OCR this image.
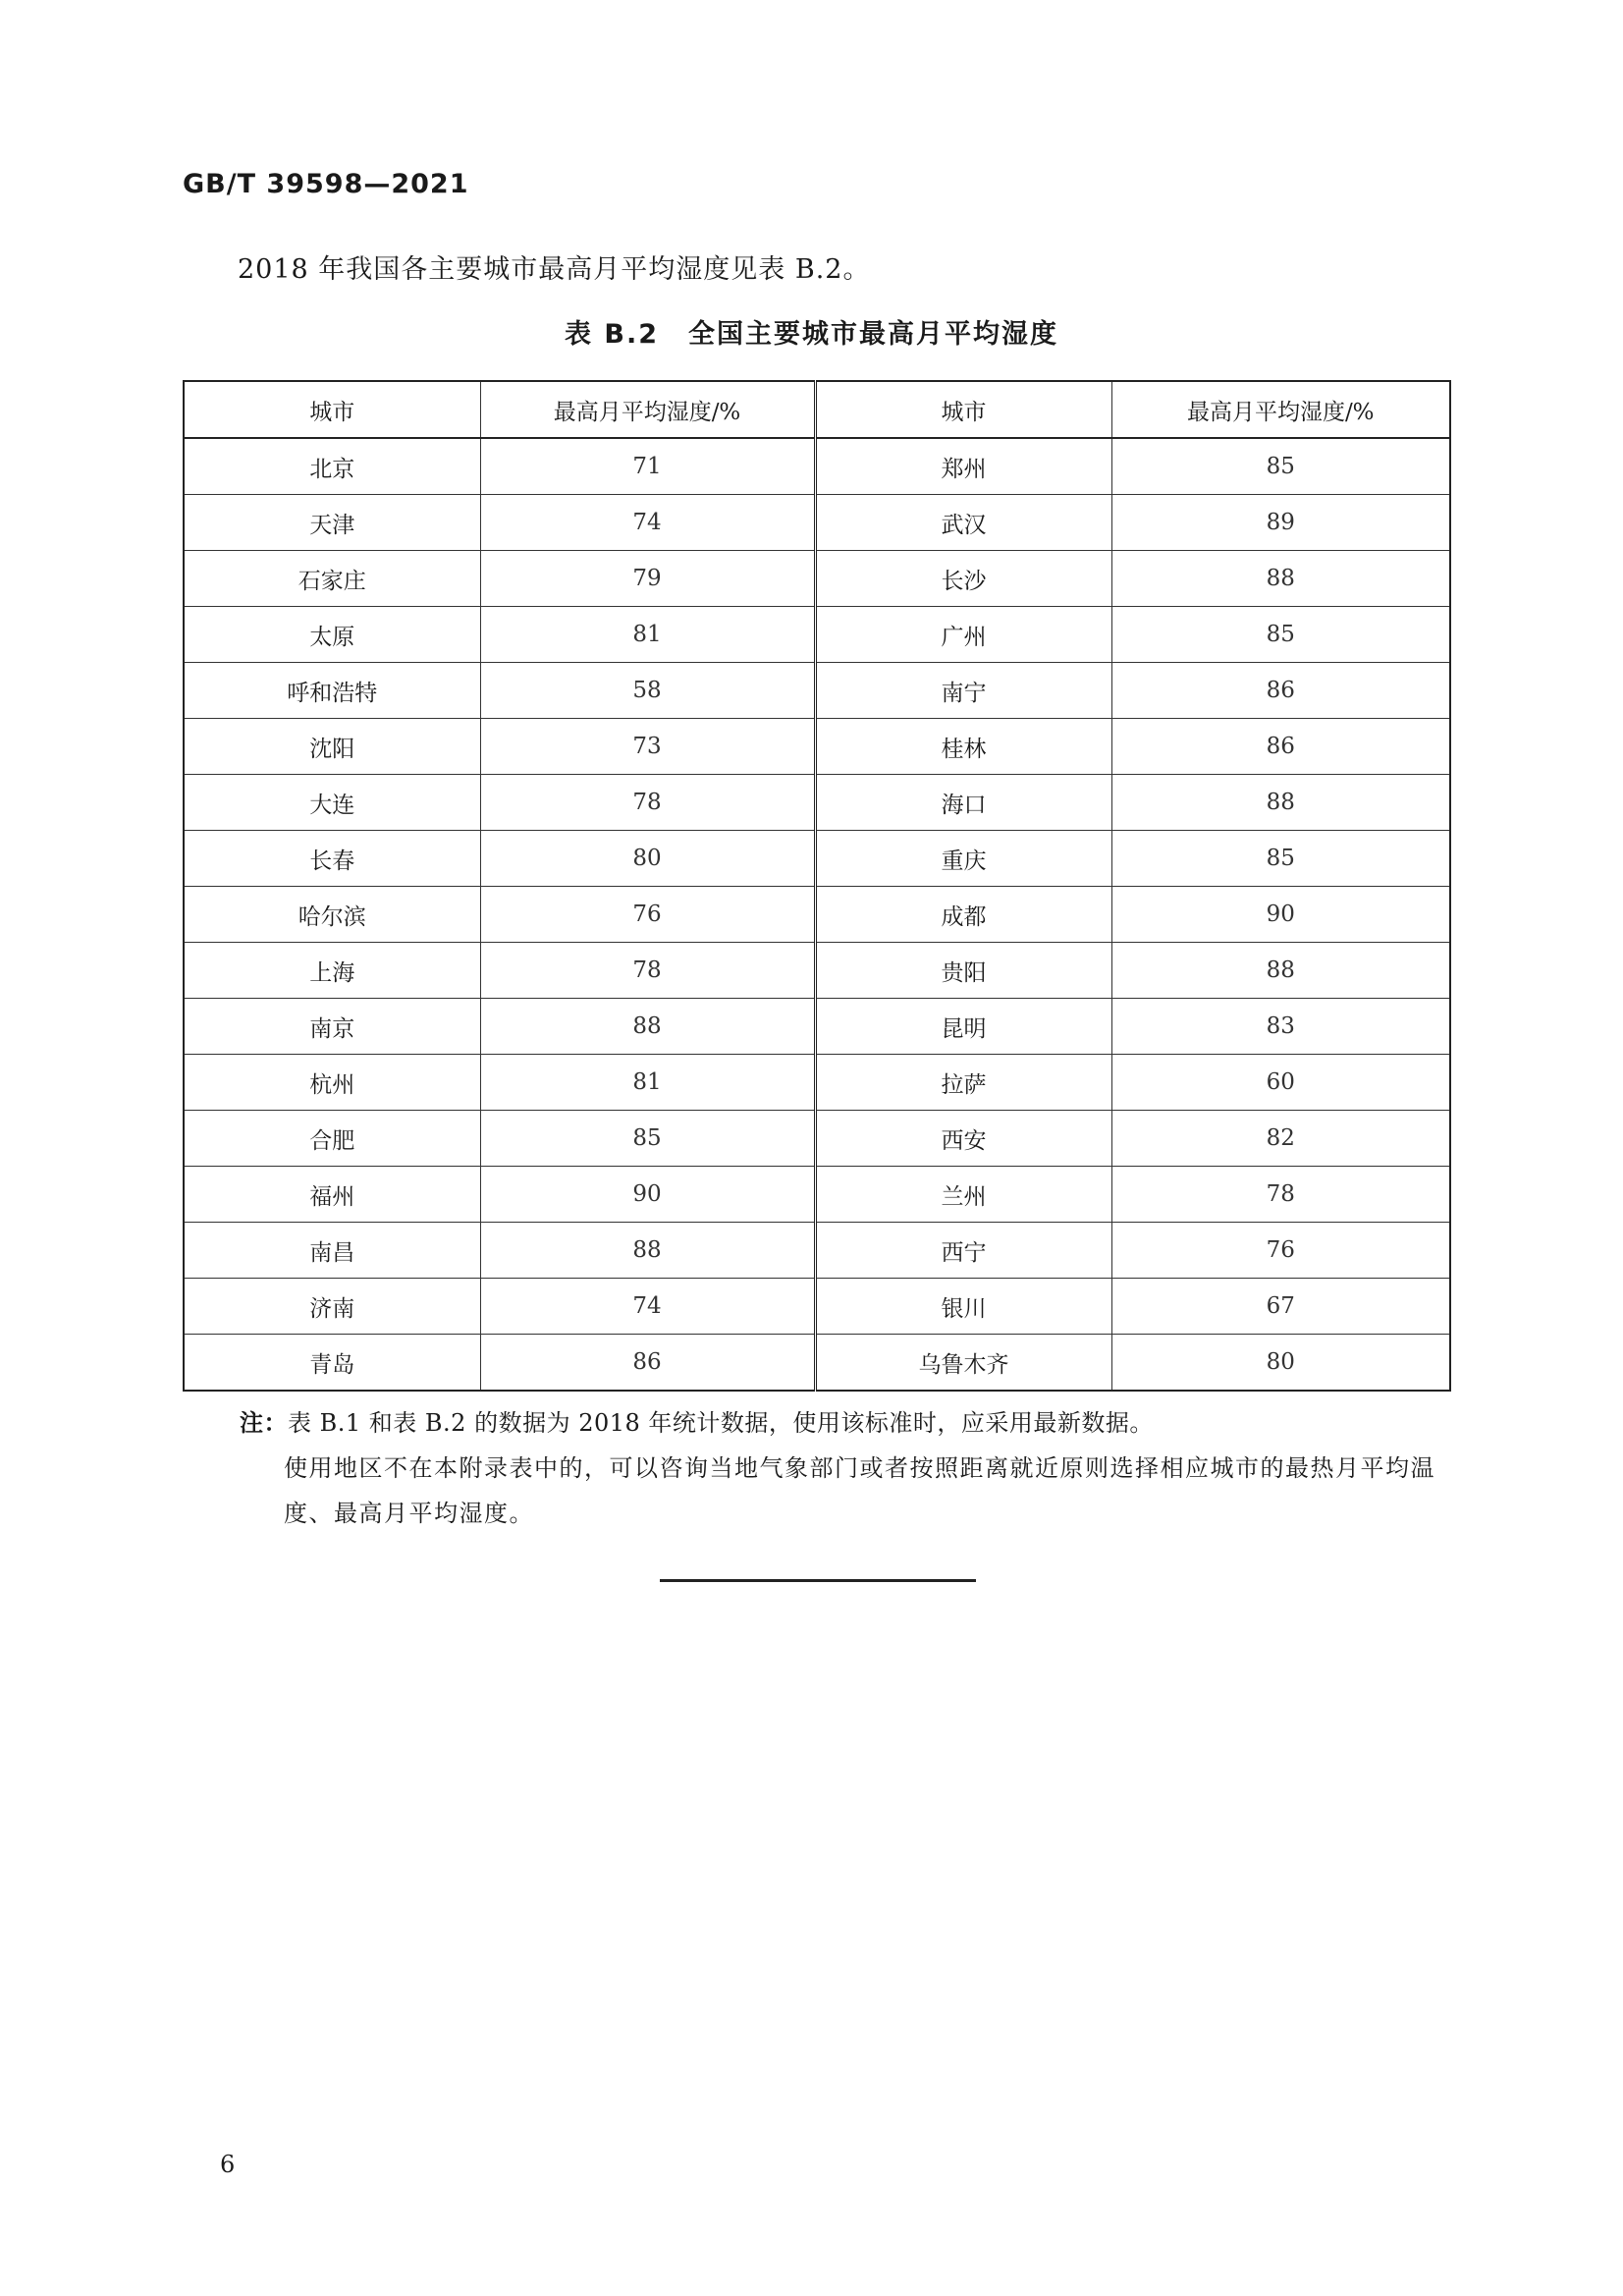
GB/T 39598—2021
2018 年我国各主要城市最高月平均湿度见表 B.2。
表 B.2 全国主要城市最高月平均湿度
城市	最高月平均湿度/%	城市	最高月平均湿度/%
北京	71	郑州	85
天津	74	武汉	89
石家庄	79	长沙	88
太原	81	广州	85
呼和浩特	58	南宁	86
沈阳	73	桂林	86
大连	78	海口	88
长春	80	重庆	85
哈尔滨	76	成都	90
上海	78	贵阳	88
南京	88	昆明	83
杭州	81	拉萨	60
合肥	85	西安	82
福州	90	兰州	78
南昌	88	西宁	76
济南	74	银川	67
青岛	86	乌鲁木齐	80

注：表 B.1 和表 B.2 的数据为 2018 年统计数据，使用该标准时，应采用最新数据。

使用地区不在本附录表中的，可以咨询当地气象部门或者按照距离就近原则选择相应城市的最热月平均温度、最高月平均湿度。

6
